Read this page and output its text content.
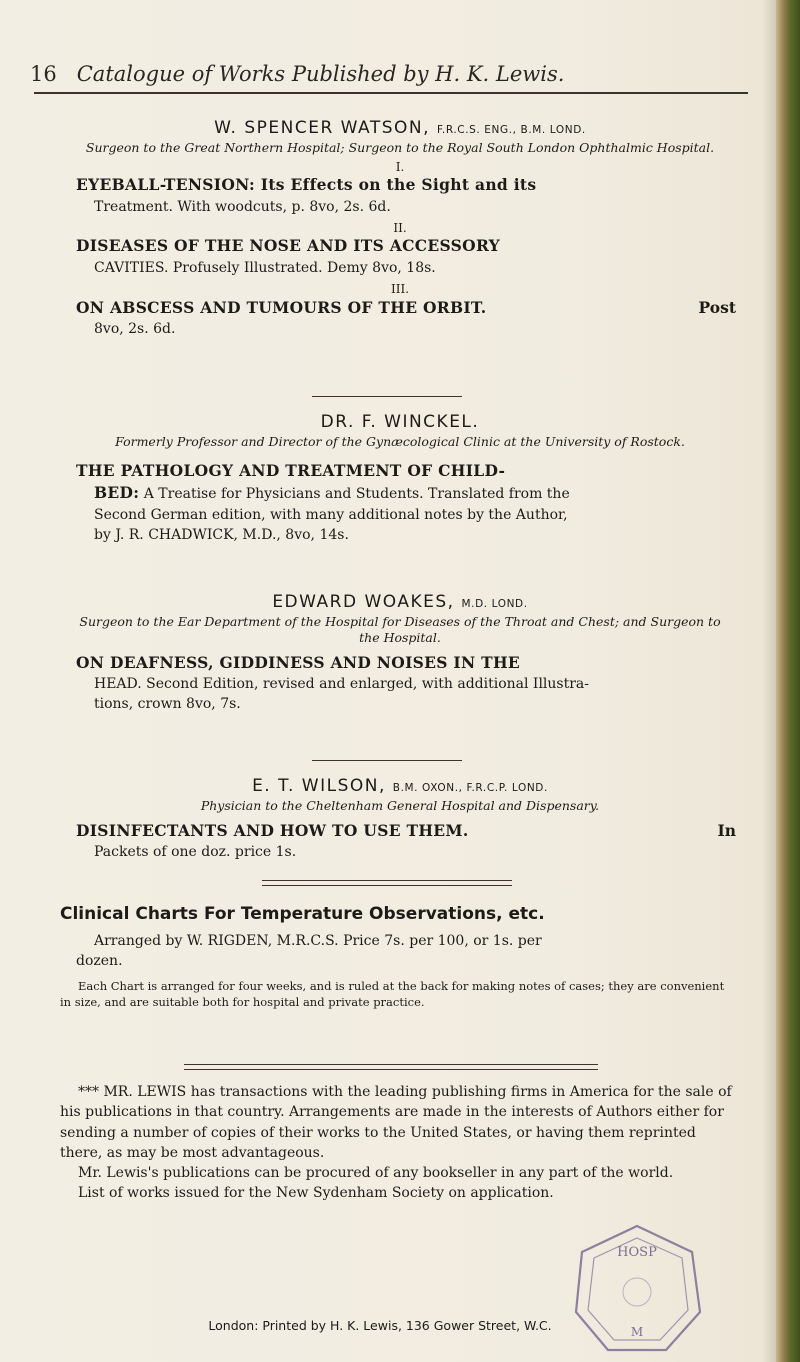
16 Catalogue of Works Published by H. K. Lewis.

W. SPENCER WATSON, F.R.C.S. ENG., B.M. LOND.

Surgeon to the Great Northern Hospital; Surgeon to the Royal South London Ophthalmic Hospital.

I.

EYEBALL-TENSION: Its Effects on the Sight and its

Treatment. With woodcuts, p. 8vo, 2s. 6d.

II.

DISEASES OF THE NOSE AND ITS ACCESSORY

CAVITIES. Profusely Illustrated. Demy 8vo, 18s.

III.

ON ABSCESS AND TUMOURS OF THE ORBIT.	Post

8vo, 2s. 6d.

DR. F. WINCKEL.

Formerly Professor and Director of the Gynæcological Clinic at the University of Rostock.

THE PATHOLOGY AND TREATMENT OF CHILD-
BED: A Treatise for Physicians and Students. Translated from the

Second German edition, with many additional notes by the Author,
by J. R. CHADWICK, M.D., 8vo, 14s.

EDWARD WOAKES, M.D. LOND.

Surgeon to the Ear Department of the Hospital for Diseases of the Throat and Chest; and Surgeon to the Hospital.

ON DEAFNESS, GIDDINESS AND NOISES IN THE

HEAD. Second Edition, revised and enlarged, with additional Illustra-
tions, crown 8vo, 7s.

E. T. WILSON, B.M. OXON., F.R.C.P. LOND.

Physician to the Cheltenham General Hospital and Dispensary.

DISINFECTANTS AND HOW TO USE THEM.	In

Packets of one doz. price 1s.

Clinical Charts For Temperature Observations, etc.

Arranged by W. RIGDEN, M.R.C.S. Price 7s. per 100, or 1s. per
dozen.

Each Chart is arranged for four weeks, and is ruled at the back for making notes of cases; they are convenient in size, and are suitable both for hospital and private practice.

*** MR. LEWIS has transactions with the leading publishing firms in America for the sale of his publications in that country. Arrangements are made in the interests of Authors either for sending a number of copies of their works to the United States, or having them reprinted there, as may be most advantageous.

Mr. Lewis's publications can be procured of any bookseller in any part of the world.

List of works issued for the New Sydenham Society on application.

London: Printed by H. K. Lewis, 136 Gower Street, W.C.

HOSP
M
